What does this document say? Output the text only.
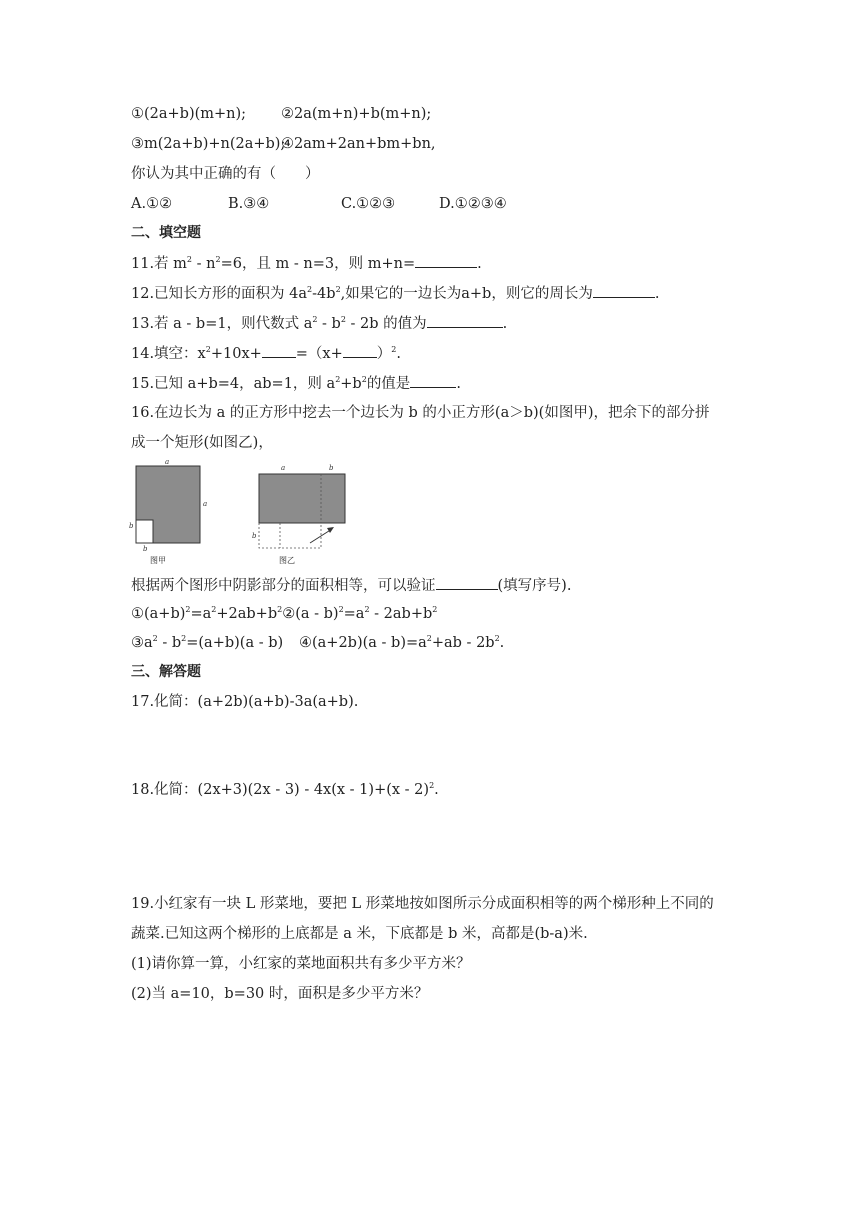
①(2a+b)(m+n); ②2a(m+n)+b(m+n);
③m(2a+b)+n(2a+b);
④2am+2an+bm+bn,
你认为其中正确的有（　　）
A.①②	B.③④	C.①②③	D.①②③④
二、填空题
11.若 $m^2 - n^2=6$，且 m - n=3，则 m+n=	.
12.已知长方形的面积为 $4a^2-4b^2$,如果它的一边长为a+b，则它的周长为	.
13.若 a - b=1，则代数式 $a^2 - b^2 - 2b$ 的值为	.
14.填空：$x^2+10x+ =(x+ )^2$.
15.已知 a+b=4，ab=1，则 $a^2+b^2$的值是	.
16.在边长为 a 的正方形中挖去一个边长为 b 的小正方形(a＞b)(如图甲)，把余下的部分拼
成一个矩形(如图乙)，
a
a
b
b
图甲
a	b
b
图乙
根据两个图形中阴影部分的面积相等，可以验证	(填写序号).
$①(a+b)^2=a^2+2ab+b^2②(a - b)^2=a^2 - 2ab+b^2$
$③a^2 - b^2=(a+b)(a - b)$ ④(a+2b)(a - $b)=a^2+ab - 2b^2$.
三、解答题
17.化简：(a+2b)(a+b)-3a(a+b).
18.化简：(2x+3)(2x - 3) - 4x(x - 1)+(x - 2)$^2$.
19.小红家有一块 L 形菜地，要把 L 形菜地按如图所示分成面积相等的两个梯形种上不同的
蔬菜.已知这两个梯形的上底都是 a 米，下底都是 b 米，高都是(b-a)米.
(1)请你算一算，小红家的菜地面积共有多少平方米？
(2)当 a=10，b=30 时，面积是多少平方米？
